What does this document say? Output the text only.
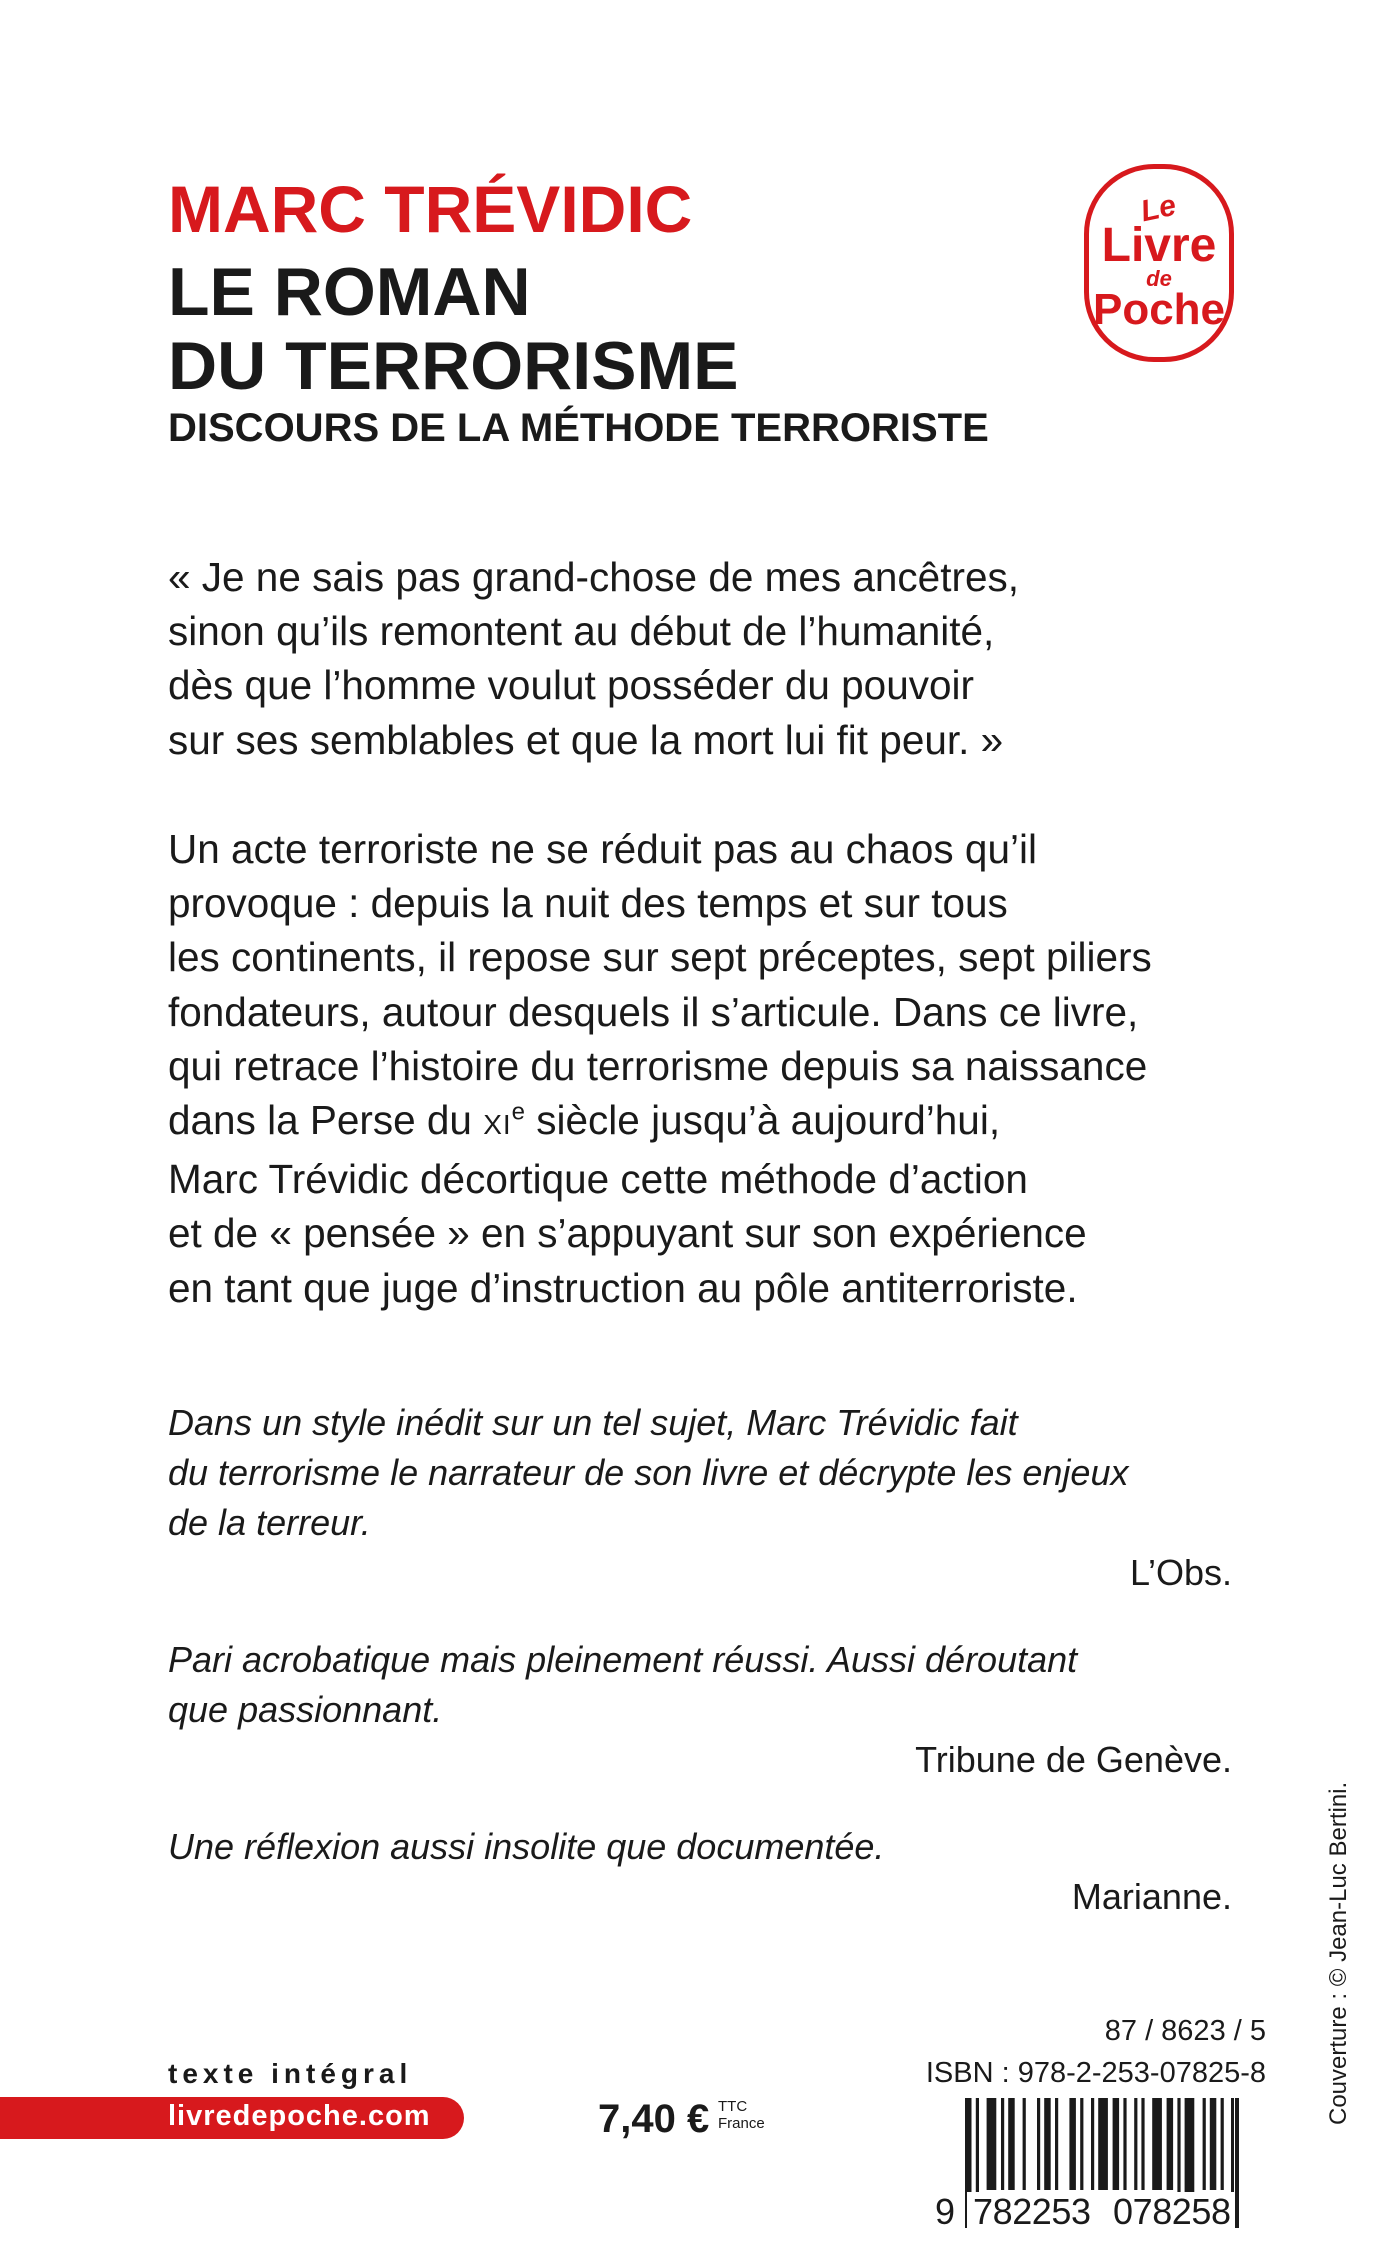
MARC TRÉVIDIC
LE ROMAN
DU TERRORISME
DISCOURS DE LA MÉTHODE TERRORISTE
Le
Livre
de
Poche
« Je ne sais pas grand-chose de mes ancêtres,
sinon qu’ils remontent au début de l’humanité,
dès que l’homme voulut posséder du pouvoir
sur ses semblables et que la mort lui fit peur. »
Un acte terroriste ne se réduit pas au chaos qu’il
provoque : depuis la nuit des temps et sur tous
les continents, il repose sur sept préceptes, sept piliers
fondateurs, autour desquels il s’articule. Dans ce livre,
qui retrace l’histoire du terrorisme depuis sa naissance
dans la Perse du XIe siècle jusqu’à aujourd’hui,
Marc Trévidic décortique cette méthode d’action
et de « pensée » en s’appuyant sur son expérience
en tant que juge d’instruction au pôle antiterroriste.
Dans un style inédit sur un tel sujet, Marc Trévidic fait
du terrorisme le narrateur de son livre et décrypte les enjeux
de la terreur.
L’Obs.
Pari acrobatique mais pleinement réussi. Aussi déroutant
que passionnant.
Tribune de Genève.
Une réflexion aussi insolite que documentée.
Marianne.	Couverture : © Jean-Luc Bertini.
texte intégral
livredepoche.com	7,40 € TTC
France
87 / 8623 / 5
ISBN : 978-2-253-07825-8
9 782253 078258
